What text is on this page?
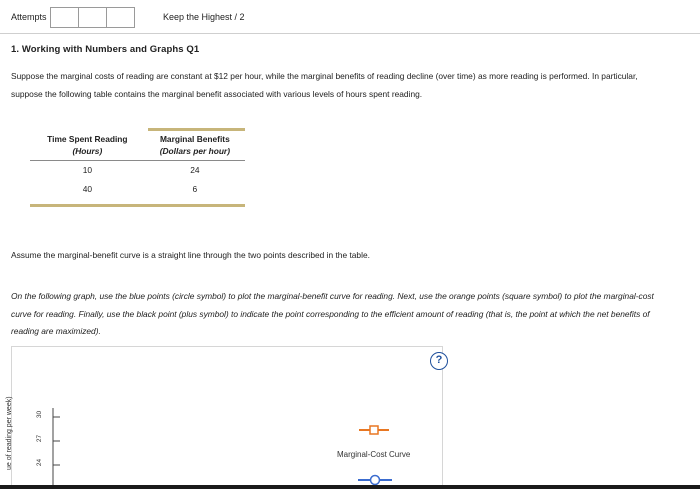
Attempts	Keep the Highest / 2
1. Working with Numbers and Graphs Q1

Suppose the marginal costs of reading are constant at $12 per hour, while the marginal benefits of reading decline (over time) as more reading is performed. In particular, suppose the following table contains the marginal benefit associated with various levels of hours spent reading.

Time Spent Reading	Marginal Benefits
(Hours)	(Dollars per hour)
10	24
40	6

Assume the marginal-benefit curve is a straight line through the two points described in the table.

On the following graph, use the blue points (circle symbol) to plot the marginal-benefit curve for reading. Next, use the orange points (square symbol) to plot the marginal-cost curve for reading. Finally, use the black point (plus symbol) to indicate the point corresponding to the efficient amount of reading (that is, the point at which the net benefits of reading are maximized).

?
ue of reading per week)	30
27
24
Marginal-Cost Curve
